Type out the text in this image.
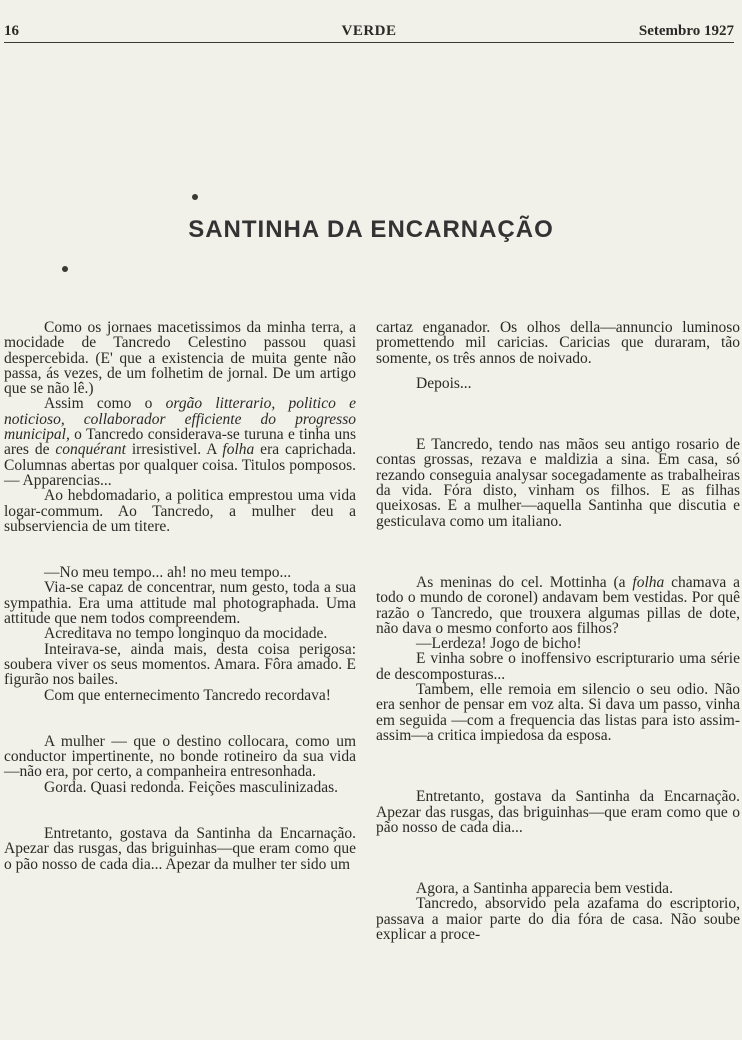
16	VERDE	Setembro 1927
SANTINHA DA ENCARNAÇÃO

Como os jornaes macetissimos da minha terra, a mocidade de Tancredo Celestino passou quasi despercebida. (E' que a existencia de muita gente não passa, ás vezes, de um folhetim de jornal. De um artigo que se não lê.)

Assim como o orgão litterario, politico e noticioso, collaborador efficiente do progresso municipal, o Tancredo considerava-se turuna e tinha uns ares de conquérant irresistivel. A folha era caprichada. Columnas abertas por qualquer coisa. Titulos pomposos. — Apparencias...

Ao hebdomadario, a politica emprestou uma vida logar-commum. Ao Tancredo, a mulher deu a subserviencia de um titere.

—No meu tempo... ah! no meu tempo...

Via-se capaz de concentrar, num gesto, toda a sua sympathia. Era uma attitude mal photographada. Uma attitude que nem todos compreendem.

Acreditava no tempo longinquo da mocidade.

Inteirava-se, ainda mais, desta coisa perigosa: soubera viver os seus momentos. Amara. Fôra amado. E figurão nos bailes.

Com que enternecimento Tancredo recordava!

A mulher — que o destino collocara, como um conductor impertinente, no bonde rotineiro da sua vida—não era, por certo, a companheira entresonhada.

Gorda. Quasi redonda. Feições masculinizadas.

Entretanto, gostava da Santinha da Encarnação. Apezar das rusgas, das briguinhas—que eram como que o pão nosso de cada dia... Apezar da mulher ter sido um

cartaz enganador. Os olhos della—annuncio luminoso promettendo mil caricias. Caricias que duraram, tão somente, os três annos de noivado.

Depois...

E Tancredo, tendo nas mãos seu antigo rosario de contas grossas, rezava e maldizia a sina. Em casa, só rezando conseguia analysar socegadamente as trabalheiras da vida. Fóra disto, vinham os filhos. E as filhas queixosas. E a mulher—aquella Santinha que discutia e gesticulava como um italiano.

As meninas do cel. Mottinha (a folha chamava a todo o mundo de coronel) andavam bem vestidas. Por quê razão o Tancredo, que trouxera algumas pillas de dote, não dava o mesmo conforto aos filhos?

—Lerdeza! Jogo de bicho!

E vinha sobre o inoffensivo escripturario uma série de descomposturas...

Tambem, elle remoia em silencio o seu odio. Não era senhor de pensar em voz alta. Si dava um passo, vinha em seguida —com a frequencia das listas para isto assim-assim—a critica impiedosa da esposa.

Entretanto, gostava da Santinha da Encarnação. Apezar das rusgas, das briguinhas—que eram como que o pão nosso de cada dia...

Agora, a Santinha apparecia bem vestida.

Tancredo, absorvido pela azafama do escriptorio, passava a maior parte do dia fóra de casa. Não soube explicar a proce-
